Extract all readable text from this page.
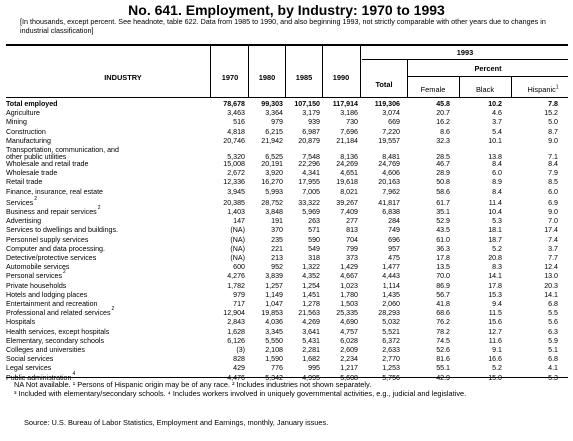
No. 641. Employment, by Industry: 1970 to 1993
[In thousands, except percent. See headnote, table 622. Data from 1985 to 1990, and also beginning 1993, not strictly comparable with other years due to changes in industrial classification]
INDUSTRY	1970	1980	1985	1990
1993
Total
Percent
Female	Black	Hispanic$^1$
Total employed	78,678	99,303	107,150	117,914	119,306	45.8	10.2	7.8
Agriculture	3,463	3,364	3,179	3,186	3,074	20.7	4.6	15.2
Mining	516	979	939	730	669	16.2	3.7	5.0
Construction	4,818	6,215	6,987	7,696	7,220	8.6	5.4	8.7
Manufacturing	20,746	21,942	20,879	21,184	19,557	32.3	10.1	9.0
Transportation, communication, and
other public utilities	5,320	6,525	7,548	8,136	8,481	28.5	13.8	7.1
Wholesale and retail trade	15,008	20,191	22,296	24,269	24,769	46.7	8.4	8.4
Wholesale trade	2,672	3,920	4,341	4,651	4,606	28.9	6.0	7.9
Retail trade	12,336	16,270	17,955	19,618	20,163	50.8	8.9	8.5
Finance, insurance, real estate	3,945	5,993	7,005	8,021	7,962	58.6	8.4	6.0
Services 2	20,385	28,752	33,322	39,267	41,817	61.7	11.4	6.9
Business and repair services 2	1,403	3,848	5,969	7,409	6,838	35.1	10.4	9.0
Advertising	147	191	263	277	284	52.9	5.3	7.0
Services to dwellings and buildings.	(NA)	370	571	813	749	43.5	18.1	17.4
Personnel supply services	(NA)	235	590	704	696	61.0	18.7	7.4
Computer and data processing.	(NA)	221	549	799	957	36.3	5.2	3.7
Detective/protective services	(NA)	213	318	373	475	17.8	20.8	7.7
Automobile services	600	952	1,322	1,429	1,477	13.5	8.3	12.4
Personal services 2	4,276	3,839	4,352	4,667	4,443	70.0	14.1	13.0
Private households	1,782	1,257	1,254	1,023	1,114	86.9	17.8	20.3
Hotels and lodging places	979	1,149	1,451	1,780	1,435	56.7	15.3	14.1
Entertainment and recreation	717	1,047	1,278	1,503	2,060	41.8	9.4	6.8
Professional and related services 2	12,904	19,853	21,563	25,335	28,293	68.6	11.5	5.5
Hospitals	2,843	4,036	4,269	4,690	5,032	76.2	15.6	5.6
Health services, except hospitals	1,628	3,345	3,641	4,757	5,521	78.2	12.7	6.3
Elementary, secondary schools	6,126	5,550	5,431	6,028	6,372	74.5	11.6	5.9
Colleges and universities	(3)	2,108	2,281	2,609	2,633	52.6	9.1	5.1
Social services	828	1,590	1,682	2,234	2,770	81.6	16.6	6.8
Legal services	429	776	995	1,217	1,253	55.1	5.2	4.1
Public administration 4	4,476	5,342	4,995	5,608	5,756	42.9	15.0	5.3
NA Not available. ¹ Persons of Hispanic origin may be of any race. ² Includes industries not shown separately.
³ Included with elementary/secondary schools. ⁴ Includes workers involved in uniquely governmental activities, e.g., judicial and legislative.
Source: U.S. Bureau of Labor Statistics, Employment and Earnings, monthly, January issues.
